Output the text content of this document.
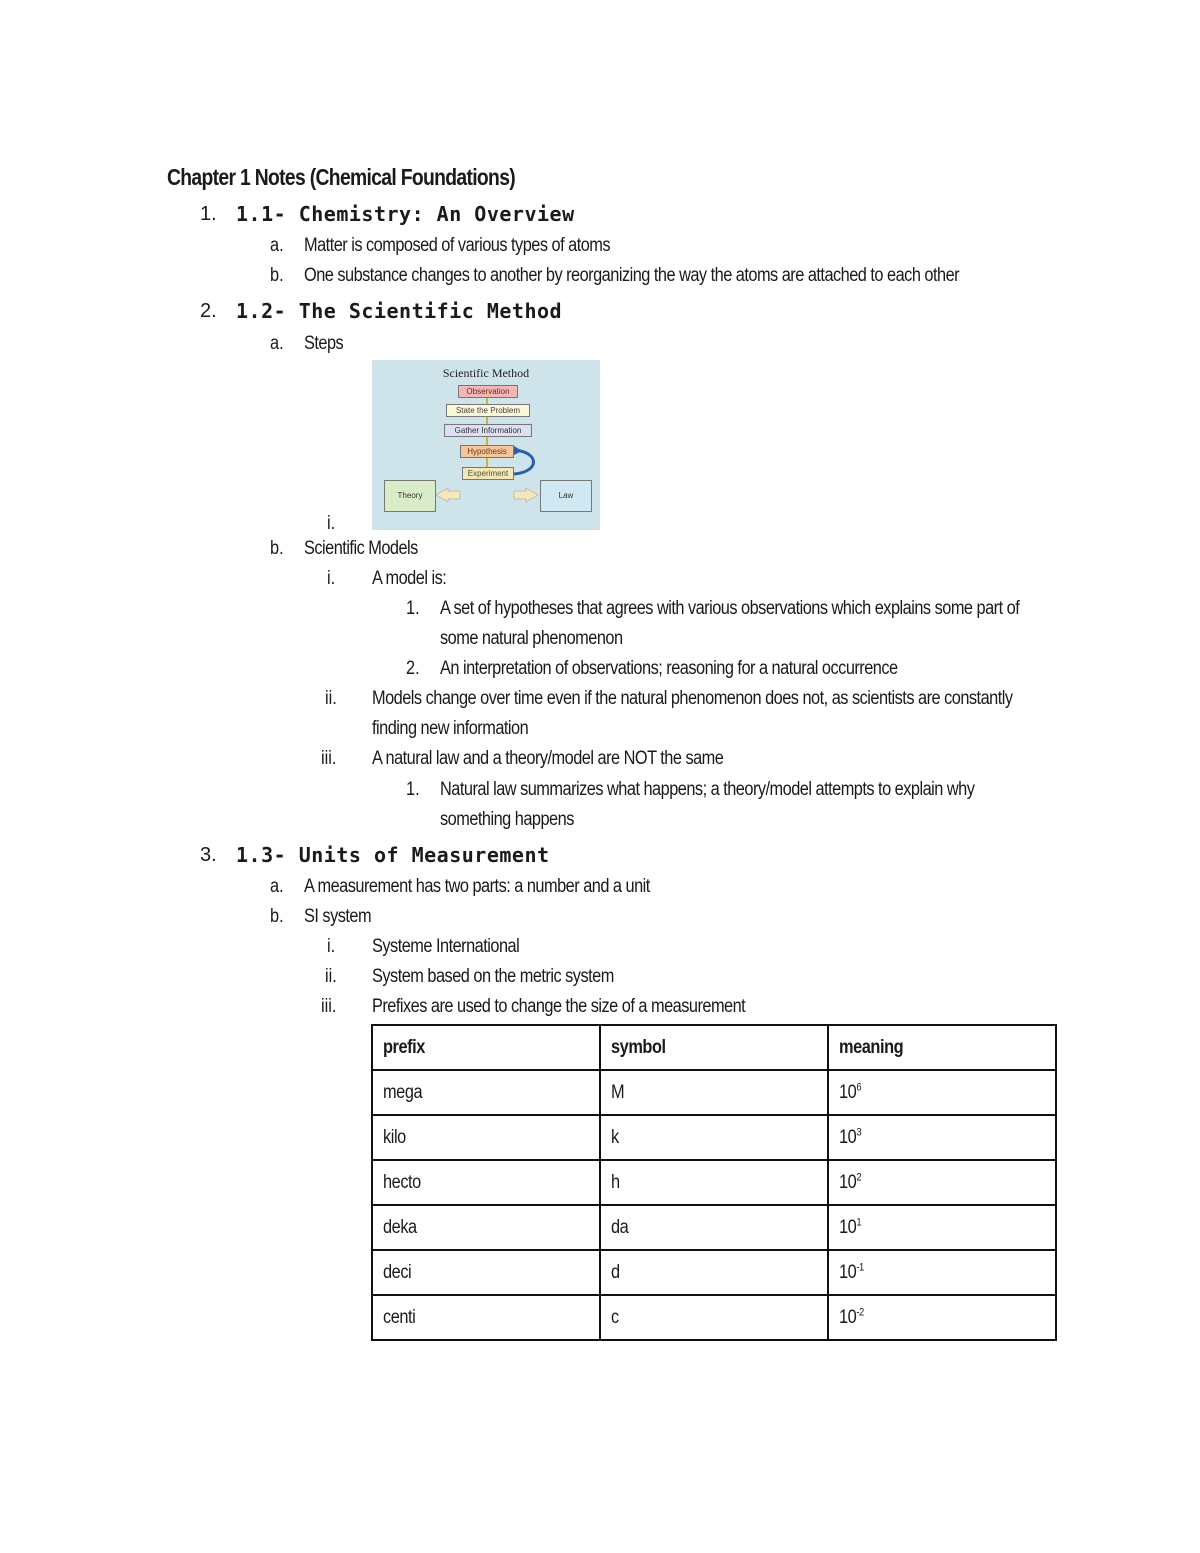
Chapter 1 Notes (Chemical Foundations)
1. 1.1- Chemistry: An Overview
a. Matter is composed of various types of atoms
b. One substance changes to another by reorganizing the way the atoms are attached to each other
2. 1.2- The Scientific Method
a. Steps
Scientific Method
Observation
State the Problem
Gather Information
Hypothesis
Experiment
Theory	Law
i.
b. Scientific Models
i. A model is:
1. A set of hypotheses that agrees with various observations which explains some part of
some natural phenomenon
2. An interpretation of observations; reasoning for a natural occurrence
ii. Models change over time even if the natural phenomenon does not, as scientists are constantly
finding new information
iii. A natural law and a theory/model are NOT the same
1. Natural law summarizes what happens; a theory/model attempts to explain why
something happens
3. 1.3- Units of Measurement
a. A measurement has two parts: a number and a unit
b. SI system
i. Systeme International
ii. System based on the metric system
iii. Prefixes are used to change the size of a measurement
prefix	symbol	meaning
mega	M	$10^6$
kilo	k	$10^3$
hecto	h	$10^2$
deka	da	$10^1$
deci	d	$10^{-1}$
centi	c	$10^{-2}$
